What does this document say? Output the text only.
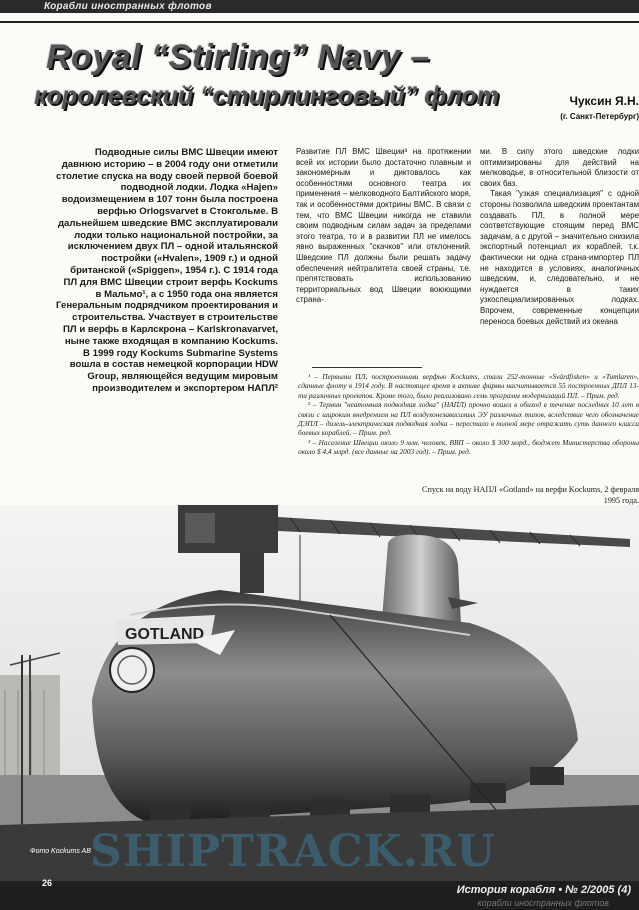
Корабли иностранных флотов
Royal “Stirling” Navy –
королевский “стирлинговый” флот	Чуксин Я.Н.
(г. Санкт-Петербург)
Подводные силы ВМС Швеции имеют давнюю историю – в 2004 году они отметили столетие спуска на воду своей первой боевой подводной лодки. Лодка «Hajen» водоизмещением в 107 тонн была построена верфью Orlogsvarvet в Стокгольме. В дальнейшем шведские ВМС эксплуатировали лодки только национальной постройки, за исключением двух ПЛ – одной итальянской постройки («Hvalen», 1909 г.) и одной британской («Spiggen», 1954 г.). С 1914 года ПЛ для ВМС Швеции строит верфь Kockums в Мальмо¹, а с 1950 года она является Генеральным подрядчиком проектирования и строительства. Участвует в строительстве ПЛ и верфь в Карлскрона – Karlskronavarvet, ныне также входящая в компанию Kockums. В 1999 году Kockums Submarine Systems вошла в состав немецкой корпорации HDW Group, являющейся ведущим мировым производителем и экспортером НАПЛ²

Развитие ПЛ ВМС Швеции³ на протяжении всей их истории было достаточно плавным и закономерным и диктовалось как особенностями основного театра их применения – мелководного Балтийского моря, так и особенностями доктрины ВМС. В связи с тем, что ВМС Швеции никогда не ставили своим подводным силам задач за пределами этого театра, то и в развитии ПЛ не имелось явно выраженных "скачков" или отклонений. Шведские ПЛ должны были решать задачу обеспечения нейтралитета своей страны, т.е. препятствовать использованию территориальных вод Швеции воюющими страна-

ми. В силу этого шведские лодки оптимизированы для действий на мелководье, в относительной близости от своих баз.

Такая "узкая специализация" с одной стороны позволила шведским проектантам создавать ПЛ, в полной мере соответствующие стоящим перед ВМС задачам, а с другой – значительно снизила экспортный потенциал их кораблей, т.к. фактически ни одна страна-импортер ПЛ не находится в условиях, аналогичных шведским, и, следовательно, и не нуждается в таких узкоспециализированных лодках. Впрочем, современные концепции переноса боевых действий из океана

¹ – Первыми ПЛ, построенными верфью Kockums, стали 252-тонные «Svärdfisken» и «Tumlaren», сданные флоту в 1914 году. В настоящее время в активе фирмы насчитывается 55 построенных ДПЛ 13-ти различных проектов. Кроме того, было реализовано семь программ модернизаций ПЛ. – Прим. ред.

² – Термин "неатомная подводная лодка" (НАПЛ) прочно вошел в обиход в течение последних 10 лет в связи с широким внедрением на ПЛ воздухонезависимых ЭУ различных типов, вследствие чего обозначение ДЭПЛ – дизель-электрическая подводная лодка – перестало в полной мере отражать суть данного класса боевых кораблей. – Прим. ред.

³ – Население Швеции около 9 млн. человек, ВВП – около $ 300 млрд., бюджет Министерства обороны около $ 4,4 млрд. (все данные на 2003 год). – Прим. ред.

Спуск на воду НАПЛ «Gotland» на верфи Kockums, 2 февраля 1995 года.
GOTLAND
Фото Kockums AB SHIPTRACK.RU
26
История корабля • № 2/2005 (4)
корабли иностранных флотов
